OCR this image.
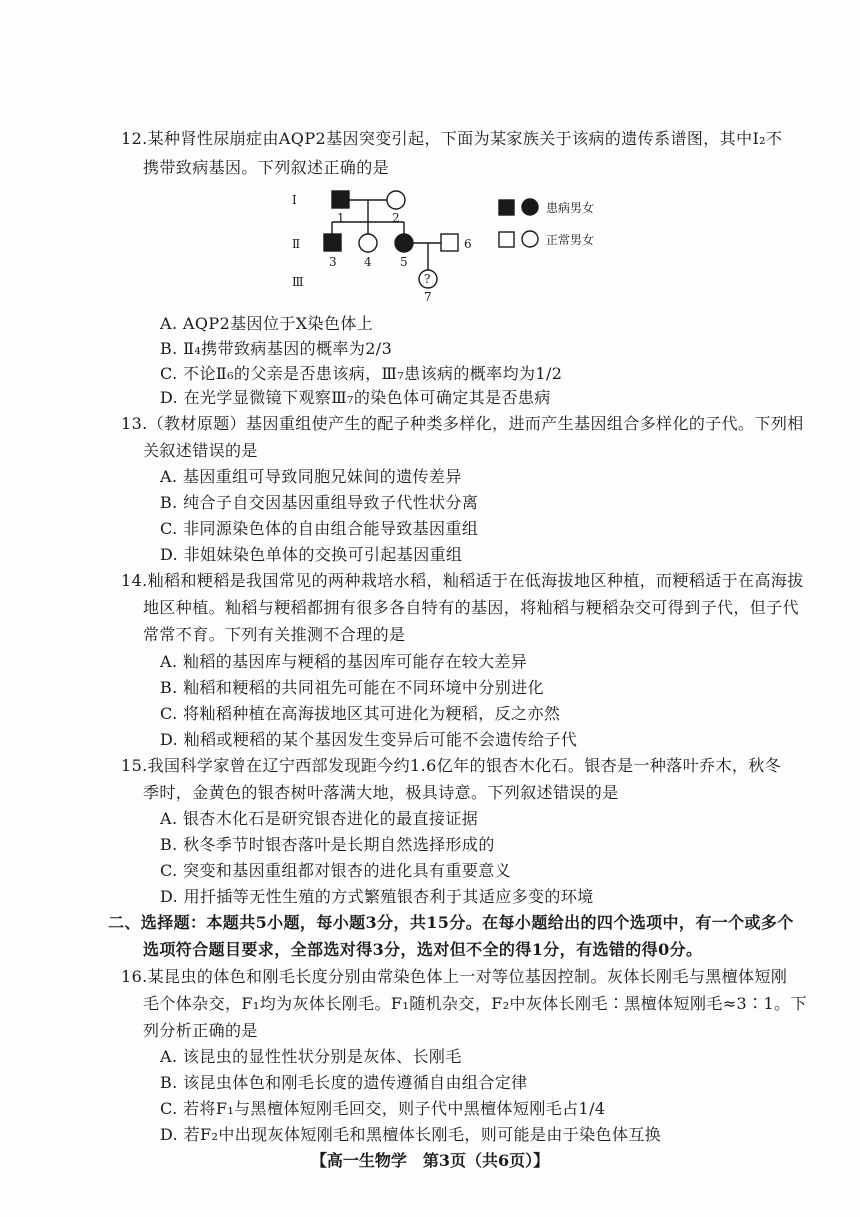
12.某种肾性尿崩症由AQP2基因突变引起，下面为某家族关于该病的遗传系谱图，其中Ⅰ₂不
携带致病基因。下列叙述正确的是
Ⅰ
Ⅱ
Ⅲ
1	2
3 4 5
6
7
?
患病男女
正常男女
A. AQP2基因位于X染色体上
B. Ⅱ₄携带致病基因的概率为2/3
C. 不论Ⅱ₆的父亲是否患该病，Ⅲ₇患该病的概率均为1/2
D. 在光学显微镜下观察Ⅲ₇的染色体可确定其是否患病
13.（教材原题）基因重组使产生的配子种类多样化，进而产生基因组合多样化的子代。下列相
关叙述错误的是
A. 基因重组可导致同胞兄妹间的遗传差异
B. 纯合子自交因基因重组导致子代性状分离
C. 非同源染色体的自由组合能导致基因重组
D. 非姐妹染色单体的交换可引起基因重组
14.籼稻和粳稻是我国常见的两种栽培水稻，籼稻适于在低海拔地区种植，而粳稻适于在高海拔
地区种植。籼稻与粳稻都拥有很多各自特有的基因，将籼稻与粳稻杂交可得到子代，但子代
常常不育。下列有关推测不合理的是
A. 籼稻的基因库与粳稻的基因库可能存在较大差异
B. 籼稻和粳稻的共同祖先可能在不同环境中分别进化
C. 将籼稻种植在高海拔地区其可进化为粳稻，反之亦然
D. 籼稻或粳稻的某个基因发生变异后可能不会遗传给子代
15.我国科学家曾在辽宁西部发现距今约1.6亿年的银杏木化石。银杏是一种落叶乔木，秋冬
季时，金黄色的银杏树叶落满大地，极具诗意。下列叙述错误的是
A. 银杏木化石是研究银杏进化的最直接证据
B. 秋冬季节时银杏落叶是长期自然选择形成的
C. 突变和基因重组都对银杏的进化具有重要意义
D. 用扦插等无性生殖的方式繁殖银杏利于其适应多变的环境
二、选择题：本题共5小题，每小题3分，共15分。在每小题给出的四个选项中，有一个或多个
选项符合题目要求，全部选对得3分，选对但不全的得1分，有选错的得0分。
16.某昆虫的体色和刚毛长度分别由常染色体上一对等位基因控制。灰体长刚毛与黑檀体短刚
毛个体杂交，F₁均为灰体长刚毛。F₁随机杂交，F₂中灰体长刚毛∶黑檀体短刚毛≈3∶1。下
列分析正确的是
A. 该昆虫的显性性状分别是灰体、长刚毛
B. 该昆虫体色和刚毛长度的遗传遵循自由组合定律
C. 若将F₁与黑檀体短刚毛回交，则子代中黑檀体短刚毛占1/4
D. 若F₂中出现灰体短刚毛和黑檀体长刚毛，则可能是由于染色体互换
【高一生物学　第3页（共6页）】
